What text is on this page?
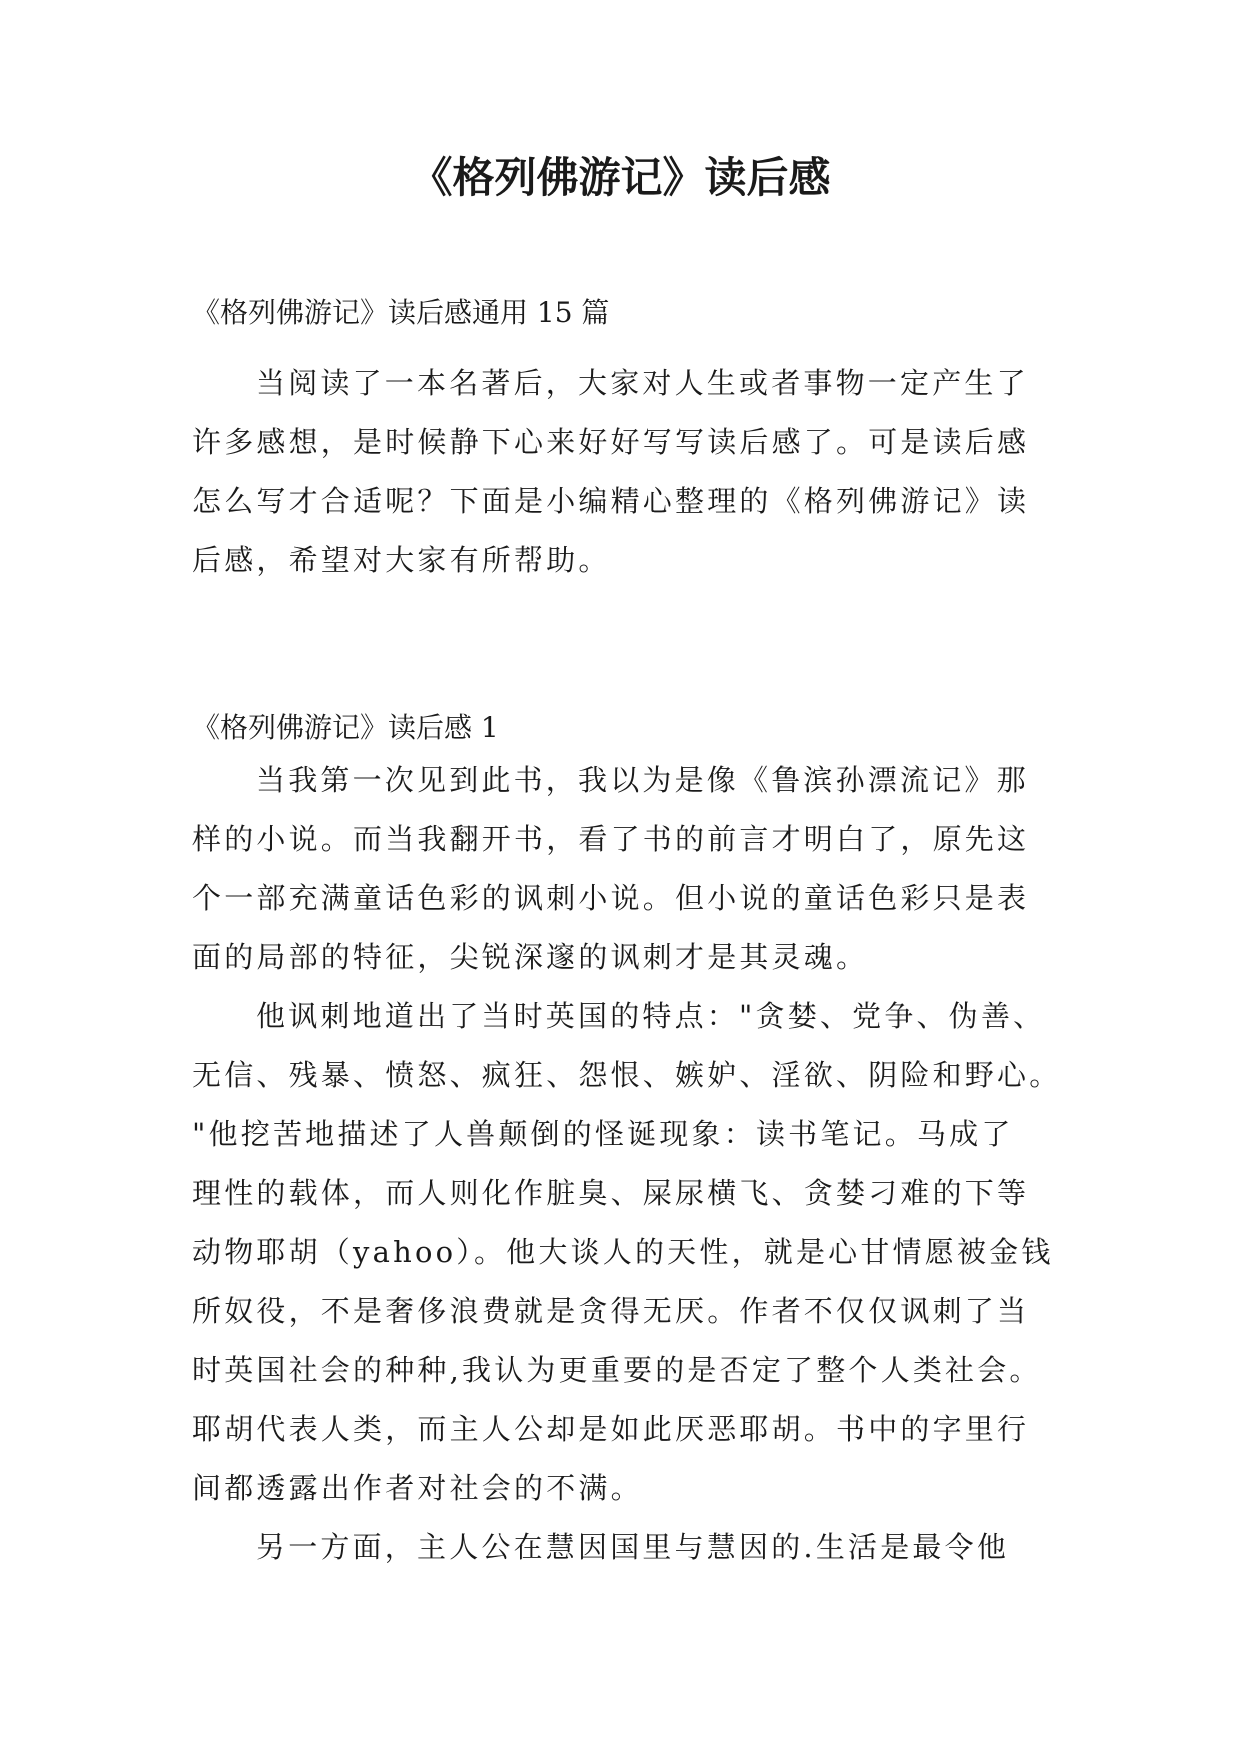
《格列佛游记》读后感

《格列佛游记》读后感通用 15 篇

当阅读了一本名著后，大家对人生或者事物一定产生了
许多感想，是时候静下心来好好写写读后感了。可是读后感
怎么写才合适呢？下面是小编精心整理的《格列佛游记》读
后感，希望对大家有所帮助。

《格列佛游记》读后感 1

当我第一次见到此书，我以为是像《鲁滨孙漂流记》那
样的小说。而当我翻开书，看了书的前言才明白了，原先这
个一部充满童话色彩的讽刺小说。但小说的童话色彩只是表
面的局部的特征，尖锐深邃的讽刺才是其灵魂。

他讽刺地道出了当时英国的特点："贪婪、党争、伪善、
无信、残暴、愤怒、疯狂、怨恨、嫉妒、淫欲、阴险和野心。
"他挖苦地描述了人兽颠倒的怪诞现象：读书笔记。马成了
理性的载体，而人则化作脏臭、屎尿横飞、贪婪刁难的下等
动物耶胡（yahoo）。他大谈人的天性，就是心甘情愿被金钱
所奴役，不是奢侈浪费就是贪得无厌。作者不仅仅讽刺了当
时英国社会的种种,我认为更重要的是否定了整个人类社会。
耶胡代表人类，而主人公却是如此厌恶耶胡。书中的字里行
间都透露出作者对社会的不满。

另一方面，主人公在慧因国里与慧因的.生活是最令他
